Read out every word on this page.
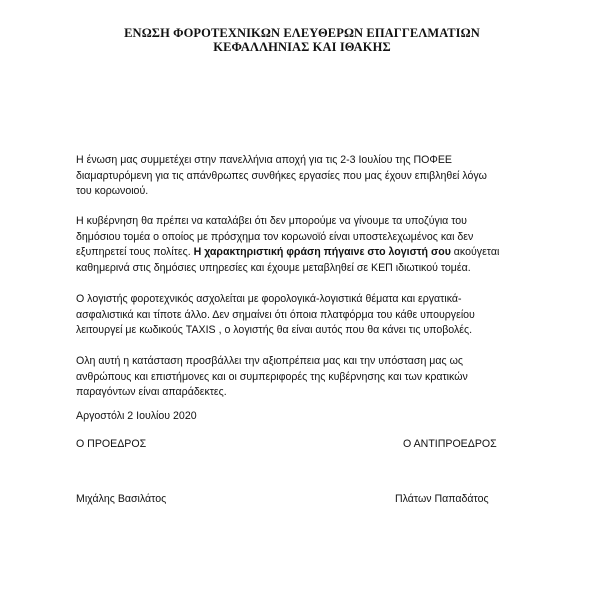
ΕΝΩΣΗ ΦΟΡΟΤΕΧΝΙΚΩΝ ΕΛΕΥΘΕΡΩΝ ΕΠΑΓΓΕΛΜΑΤΙΩΝ
ΚΕΦΑΛΛΗΝΙΑΣ ΚΑΙ ΙΘΑΚΗΣ
Η ένωση μας συμμετέχει στην πανελλήνια αποχή για τις 2-3 Ιουλίου της ΠΟΦΕΕ
διαμαρτυρόμενη για τις απάνθρωπες συνθήκες εργασίες που μας έχουν επιβληθεί λόγω
του κορωνοιού.
Η κυβέρνηση θα πρέπει να καταλάβει ότι δεν μπορούμε να γίνουμε τα υποζύγια του
δημόσιου τομέα ο οποίος με πρόσχημα τον κορωνοϊό είναι υποστελεχωμένος και δεν
εξυπηρετεί τους πολίτες. Η χαρακτηριστική φράση πήγαινε στο λογιστή σου ακούγεται
καθημερινά στις δημόσιες υπηρεσίες και έχουμε μεταβληθεί σε ΚΕΠ ιδιωτικού τομέα.
Ο λογιστής φοροτεχνικός ασχολείται με φορολογικά-λογιστικά θέματα και εργατικά-
ασφαλιστικά και τίποτε άλλο. Δεν σημαίνει ότι όποια πλατφόρμα του κάθε υπουργείου
λειτουργεί με κωδικούς TAXIS , ο λογιστής θα είναι αυτός που θα κάνει τις υποβολές.
Ολη αυτή η κατάσταση προσβάλλει την αξιοπρέπεια μας και την υπόσταση μας ως
ανθρώπους και επιστήμονες και οι συμπεριφορές της κυβέρνησης και των κρατικών
παραγόντων είναι απαράδεκτες.
Αργοστόλι 2 Ιουλίου 2020
Ο ΠΡΟΕΔΡΟΣ	Ο ΑΝΤΙΠΡΟΕΔΡΟΣ
Μιχάλης Βασιλάτος	Πλάτων Παπαδάτος
